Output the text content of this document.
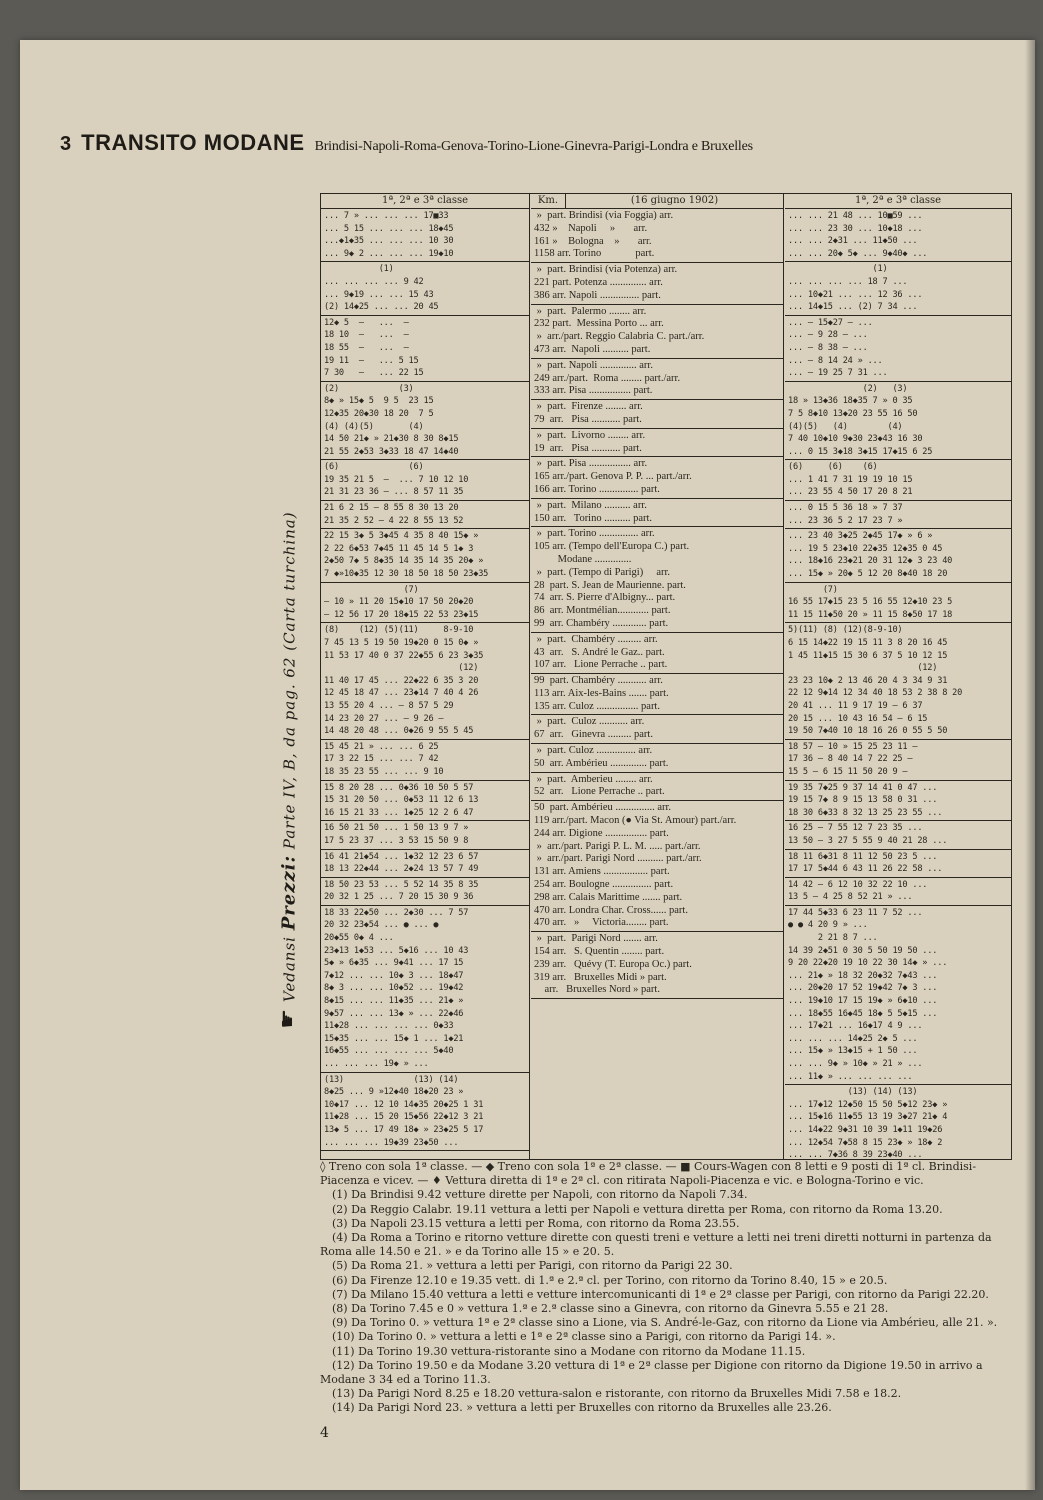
3 TRANSITO MODANE Brindisi-Napoli-Roma-Genova-Torino-Lione-Ginevra-Parigi-Londra e Bruxelles
☛ Vedansi Prezzi: Parte IV, B, da pag. 62 (Carta turchina)
1ª, 2ª e 3ª classe
... 7 » ... ... ... 17■33
... 5 15 ... ... ... 18◆45
...◆1◆35 ... ... ... 10 30
... 9◆ 2 ... ... ... 19◆10
(1)
... ... ... ... 9 42
... 9◆19 ... ... 15 43
(2) 14◆25 ... ... 20 45
12◆ 5  —   ...  —
18 10  —   ...  —
18 55  —   ...  —
19 11  —   ... 5 15
7 30   —   ... 22 15
(2)            (3)
8◆ » 15◆ 5  9 5  23 15
12◆35 20◆30 18 20  7 5
(4) (4)(5)       (4)
14 50 21◆ » 21◆30 8 30 8◆15
21 55 2◆53 3◆33 18 47 14◆40
(6)              (6)
19 35 21 5  —  ... 7 10 12 10
21 31 23 36 — ... 8 57 11 35
21 6 2 15 — 8 55 8 30 13 20
21 35 2 52 — 4 22 8 55 13 52
22 15 3◆ 5 3◆45 4 35 8 40 15◆ »
2 22 6◆53 7◆45 11 45 14 5 1◆ 3
2◆50 7◆ 5 8◆35 14 35 14 35 20◆ »
7 ◆»10◆35 12 30 18 50 18 50 23◆35
(7)
— 10 » 11 20 15◆10 17 50 20◆20
— 12 56 17 20 18◆15 22 53 23◆15
(8)    (12) (5)(11)     8-9-10
7 45 13 5 19 50 19◆20 0 15 0◆ »
11 53 17 40 0 37 22◆55 6 23 3◆35
(12)
11 40 17 45 ... 22◆22 6 35 3 20
12 45 18 47 ... 23◆14 7 40 4 26
13 55 20 4 ... — 8 57 5 29
14 23 20 27 ... — 9 26 —
14 48 20 48 ... 0◆26 9 55 5 45
15 45 21 » ... ... 6 25
17 3 22 15 ... ... 7 42
18 35 23 55 ... ... 9 10
15 8 20 28 ... 0◆36 10 50 5 57
15 31 20 50 ... 0◆53 11 12 6 13
16 15 21 33 ... 1◆25 12 2 6 47
16 50 21 50 ... 1 50 13 9 7 »
17 5 23 37 ... 3 53 15 50 9 8
16 41 21◆54 ... 1◆32 12 23 6 57
18 13 22◆44 ... 2◆24 13 57 7 49
18 50 23 53 ... 5 52 14 35 8 35
20 32 1 25 ... 7 20 15 30 9 36
18 33 22◆50 ... 2◆30 ... 7 57
20 32 23◆54 ... ● ... ●
20◆55 0◆ 4 ...
23◆13 1◆53 ... 5◆16 ... 10 43
5◆ » 6◆35 ... 9◆41 ... 17 15
7◆12 ... ... 10◆ 3 ... 18◆47
8◆ 3 ... ... 10◆52 ... 19◆42
8◆15 ... ... 11◆35 ... 21◆ »
9◆57 ... ... 13◆ » ... 22◆46
11◆28 ... ... ... ... 0◆33
15◆35 ... ... 15◆ 1 ... 1◆21
16◆55 ... ... ... ... 5◆40
... ... ... 19◆ » ...
(13)              (13) (14)
8◆25 ... 9 »12◆40 18◆20 23 »
10◆17 ... 12 10 14◆35 20◆25 1 31
11◆28 ... 15 20 15◆56 22◆12 3 21
13◆ 5 ... 17 49 18◆ » 23◆25 5 17
... ... ... 19◆39 23◆50 ...
Km.	(16 giugno 1902)
»  part. Brindisi (via Foggia) arr.
432 »    Napoli     »       arr.
161 »    Bologna    »       arr.
1158 arr. Torino             part.
»  part. Brindisi (via Potenza) arr.
221 part. Potenza .............. arr.
386 arr. Napoli ............... part.
»  part.  Palermo ........ arr.
232 part.  Messina Porto ... arr.
»  arr./part. Reggio Calabria C. part./arr.
473 arr.  Napoli .......... part.
»  part. Napoli .............. arr.
249 arr./part.  Roma ........ part./arr.
333 arr. Pisa ................ part.
»  part.  Firenze ........ arr.
79  arr.   Pisa ........... part.
»  part.  Livorno ........ arr.
19  arr.   Pisa ........... part.
»  part. Pisa ................ arr.
165 arr./part. Genova P. P. ... part./arr.
166 arr. Torino ............... part.
»  part.  Milano .......... arr.
150 arr.   Torino .......... part.
»  part. Torino ............... arr.
105 arr. (Tempo dell'Europa C.) part.
Modane ..............
»  part. (Tempo di Parigi)     arr.
28  part. S. Jean de Maurienne. part.
74  arr. S. Pierre d'Albigny... part.
86  arr. Montmélian............ part.
99  arr. Chambéry ............. part.
»  part.  Chambéry ......... arr.
43  arr.   S. André le Gaz.. part.
107 arr.   Lione Perrache .. part.
99  part. Chambéry ........... arr.
113 arr. Aix-les-Bains ....... part.
135 arr. Culoz ................ part.
»  part.  Culoz ........... arr.
67  arr.   Ginevra ......... part.
»  part. Culoz ............... arr.
50  arr. Ambérieu .............. part.
»  part.  Amberieu ........ arr.
52  arr.   Lione Perrache .. part.
50  part. Ambérieu ............... arr.
119 arr./part. Macon (● Via St. Amour) part./arr.
244 arr. Digione ................ part.
»  arr./part. Parigi P. L. M. ..... part./arr.
»  arr./part. Parigi Nord .......... part./arr.
131 arr. Amiens ................. part.
254 arr. Boulogne ............... part.
298 arr. Calais Marittime ....... part.
470 arr. Londra Char. Cross...... part.
470 arr.   »     Victoria........ part.
»  part.  Parigi Nord ....... arr.
154 arr.   S. Quentin ........ part.
239 arr.   Quévy (T. Europa Oc.) part.
319 arr.   Bruxelles Midi » part.
arr.   Bruxelles Nord » part.
1ª, 2ª e 3ª classe
... ... 21 48 ... 10■59 ...
... ... 23 30 ... 10◆18 ...
... ... 2◆31 ... 11◆50 ...
... ... 20◆ 5◆ ... 9◆40◆ ...
(1)
... ... ... ... 18 7 ...
... 10◆21 ... ... 12 36 ...
... 14◆15 ... (2) 7 34 ...
... — 15◆27 — ...
... — 9 28 — ...
... — 8 38 — ...
... — 8 14 24 » ...
... — 19 25 7 31 ...
(2)   (3)
18 » 13◆36 18◆35 7 » 0 35
7 5 8◆10 13◆20 23 55 16 50
(4)(5)   (4)        (4)
7 40 10◆10 9◆30 23◆43 16 30
... 0 15 3◆18 3◆15 17◆15 6 25
(6)     (6)    (6)
... 1 41 7 31 19 19 10 15
... 23 55 4 50 17 20 8 21
... 0 15 5 36 18 » 7 37
... 23 36 5 2 17 23 7 »
... 23 40 3◆25 2◆45 17◆ » 6 »
... 19 5 23◆10 22◆35 12◆35 0 45
... 18◆16 23◆21 20 31 12◆ 3 23 40
... 15◆ » 20◆ 5 12 20 8◆40 18 20
(7)
16 55 17◆15 23 5 16 55 12◆10 23 5
11 15 11◆50 20 » 11 15 8◆50 17 18
5)(11) (8) (12)(8-9-10)
6 15 14◆22 19 15 11 3 8 20 16 45
1 45 11◆15 15 30 6 37 5 10 12 15
(12)
23 23 10◆ 2 13 46 20 4 3 34 9 31
22 12 9◆14 12 34 40 18 53 2 38 8 20
20 41 ... 11 9 17 19 — 6 37
20 15 ... 10 43 16 54 — 6 15
19 50 7◆40 10 18 16 26 0 55 5 50
18 57 — 10 » 15 25 23 11 —
17 36 — 8 40 14 7 22 25 —
15 5 — 6 15 11 50 20 9 —
19 35 7◆25 9 37 14 41 0 47 ...
19 15 7◆ 8 9 15 13 58 0 31 ...
18 30 6◆33 8 32 13 25 23 55 ...
16 25 — 7 55 12 7 23 35 ...
13 50 — 3 27 5 55 9 40 21 28 ...
18 11 6◆31 8 11 12 50 23 5 ...
17 17 5◆44 6 43 11 26 22 58 ...
14 42 — 6 12 10 32 22 10 ...
13 5 — 4 25 8 52 21 » ...
17 44 5◆33 6 23 11 7 52 ...
● ● 4 20 9 » ...
2 21 8 7 ...
14 39 2◆51 0 30 5 50 19 50 ...
9 20 22◆20 19 10 22 30 14◆ » ...
... 21◆ » 18 32 20◆32 7◆43 ...
... 20◆20 17 52 19◆42 7◆ 3 ...
... 19◆10 17 15 19◆ » 6◆10 ...
... 18◆55 16◆45 18◆ 5 5◆15 ...
... 17◆21 ... 16◆17 4 9 ...
... ... ... 14◆25 2◆ 5 ...
... 15◆ » 13◆15 + 1 50 ...
... ... 9◆ » 10◆ » 21 » ...
... 11◆ » ... ... ... ...
(13) (14) (13)
... 17◆12 12◆50 15 50 5◆12 23◆ »
... 15◆16 11◆55 13 19 3◆27 21◆ 4
... 14◆22 9◆31 10 39 1◆11 19◆26
... 12◆54 7◆58 8 15 23◆ » 18◆ 2
... ... 7◆36 8 39 23◆40 ...

◊ Treno con sola 1ª classe. — ◆ Treno con sola 1ª e 2ª classe. — ■ Cours-Wagen con 8 letti e 9 posti di 1ª cl. Brindisi-Piacenza e vicev. — ♦ Vettura diretta di 1ª e 2ª cl. con ritirata Napoli-Piacenza e vic. e Bologna-Torino e vic.

(1) Da Brindisi 9.42 vetture dirette per Napoli, con ritorno da Napoli 7.34.

(2) Da Reggio Calabr. 19.11 vettura a letti per Napoli e vettura diretta per Roma, con ritorno da Roma 13.20.

(3) Da Napoli 23.15 vettura a letti per Roma, con ritorno da Roma 23.55.

(4) Da Roma a Torino e ritorno vetture dirette con questi treni e vetture a letti nei treni diretti notturni in partenza da Roma alle 14.50 e 21. » e da Torino alle 15 » e 20. 5.

(5) Da Roma 21. » vettura a letti per Parigi, con ritorno da Parigi 22 30.

(6) Da Firenze 12.10 e 19.35 vett. di 1.ª e 2.ª cl. per Torino, con ritorno da Torino 8.40, 15 » e 20.5.

(7) Da Milano 15.40 vettura a letti e vetture intercomunicanti di 1ª e 2ª classe per Parigi, con ritorno da Parigi 22.20.

(8) Da Torino 7.45 e 0 » vettura 1.ª e 2.ª classe sino a Ginevra, con ritorno da Ginevra 5.55 e 21 28.

(9) Da Torino 0. » vettura 1ª e 2ª classe sino a Lione, via S. André-le-Gaz, con ritorno da Lione via Ambérieu, alle 21. ».

(10) Da Torino 0. » vettura a letti e 1ª e 2ª classe sino a Parigi, con ritorno da Parigi 14. ».

(11) Da Torino 19.30 vettura-ristorante sino a Modane con ritorno da Modane 11.15.

(12) Da Torino 19.50 e da Modane 3.20 vettura di 1ª e 2ª classe per Digione con ritorno da Digione 19.50 in arrivo a Modane 3 34 ed a Torino 11.3.

(13) Da Parigi Nord 8.25 e 18.20 vettura-salon e ristorante, con ritorno da Bruxelles Midi 7.58 e 18.2.

(14) Da Parigi Nord 23. » vettura a letti per Bruxelles con ritorno da Bruxelles alle 23.26.

4
